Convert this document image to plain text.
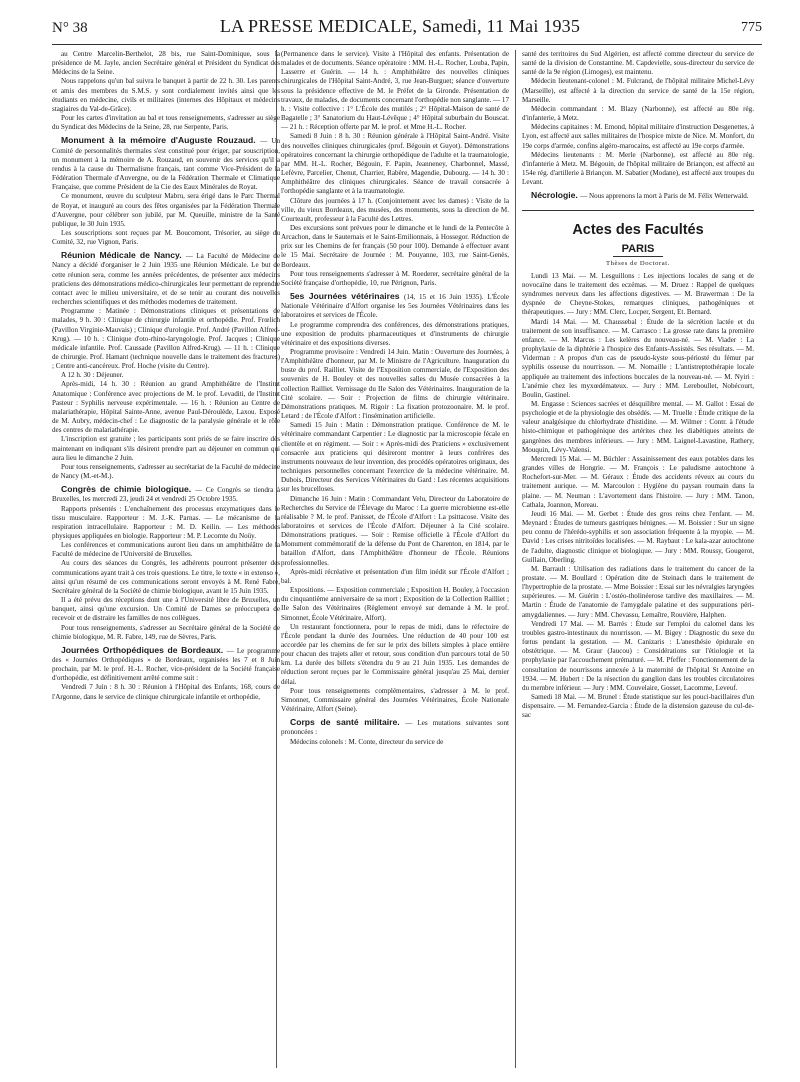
N° 38	LA PRESSE MEDICALE, Samedi, 11 Mai 1935	775

au Centre Marcelin-Berthelot, 28 bis, rue Saint-Dominique, sous la présidence de M. Jayle, ancien Secrétaire général et Président du Syndicat des Médecins de la Seine.

Nous rappelons qu'un bal suivra le banquet à partir de 22 h. 30. Les parents et amis des membres du S.M.S. y sont cordialement invités ainsi que les étudiants en médecine, civils et militaires (internes des Hôpitaux et médecins stagiaires du Val-de-Grâce).

Pour les cartes d'invitation au bal et tous renseignements, s'adresser au siège du Syndicat des Médecins de la Seine, 28, rue Serpente, Paris.

Monument à la mémoire d'Auguste Rouzaud. — Un Comité de personnalités thermales s'est constitué pour ériger, par souscription, un monument à la mémoire de A. Rouzaud, en souvenir des services qu'il a rendus à la cause du Thermalisme français, tant comme Vice-Président de la Fédération Thermale d'Auvergne, ou de la Fédération Thermale et Climatique Française, que comme Président de la Cie des Eaux Minérales de Royat.

Ce monument, œuvre du sculpteur Mabru, sera érigé dans le Parc Thermal de Royat, et inauguré au cours des fêtes organisées par la Fédération Thermale d'Auvergne, pour célébrer son jubilé, par M. Queuille, ministre de la Santé publique, le 30 Juin 1935.

Les souscriptions sont reçues par M. Boucomont, Trésorier, au siège du Comité, 32, rue Vignon, Paris.

Réunion Médicale de Nancy. — La Faculté de Médecine de Nancy a décidé d'organiser le 2 Juin 1935 une Réunion Médicale. Le but de cette réunion sera, comme les années précédentes, de présenter aux médecins praticiens des démonstrations médico-chirurgicales leur permettant de reprendre contact avec le milieu universitaire, et de se tenir au courant des nouvelles recherches scientifiques et des méthodes modernes de traitement.

Programme : Matinée : Démonstrations cliniques et présentations de malades, 9 h. 30 : Clinique de chirurgie infantile et orthopédie. Prof. Frœlich (Pavillon Virginie-Mauvais) ; Clinique d'urologie. Prof. André (Pavillon Alfred-Krug). — 10 h. : Clinique d'oto-rhino-laryngologie. Prof. Jacques ; Clinique médicale infantile. Prof. Caussade (Pavillon Alfred-Krug). — 11 h. : Clinique de chirurgie. Prof. Hamant (technique nouvelle dans le traitement des fractures) ; Centre anti-cancéreux. Prof. Hoche (visite du Centre).

A 12 h. 30 : Déjeuner.

Après-midi, 14 h. 30 : Réunion au grand Amphithéâtre de l'Institut Anatomique : Conférence avec projections de M. le prof. Levaditi, de l'Institut Pasteur : Syphilis nerveuse expérimentale. — 16 h. : Réunion au Centre de malariathérapie, Hôpital Sainte-Anne, avenue Paul-Déroulède, Laxou. Exposé de M. Aubry, médecin-chef : Le diagnostic de la paralysie générale et le rôle des centres de malariathérapie.

L'inscription est gratuite ; les participants sont priés de se faire inscrire dès maintenant en indiquant s'ils désirent prendre part au déjeuner en commun qui aura lieu le dimanche 2 Juin.

Pour tous renseignements, s'adresser au secrétariat de la Faculté de médecine de Nancy (M.-et-M.).

Congrès de chimie biologique. — Ce Congrès se tiendra à Bruxelles, les mercredi 23, jeudi 24 et vendredi 25 Octobre 1935.

Rapports présentés : L'enchaînement des processus enzymatiques dans le tissu musculaire. Rapporteur : M. J.-K. Parnas. — Le mécanisme de la respiration intracellulaire. Rapporteur : M. D. Keilin. — Les méthodes physiques appliquées en biologie. Rapporteur : M. P. Lecomte du Noüy.

Les conférences et communications auront lieu dans un amphithéâtre de la Faculté de médecine de l'Université de Bruxelles.

Au cours des séances du Congrès, les adhérents pourront présenter des communications ayant trait à ces trois questions. Le titre, le texte « in extenso », ainsi qu'un résumé de ces communications seront envoyés à M. René Fabre, Secrétaire général de la Société de chimie biologique, avant le 15 Juin 1935.

Il a été prévu des réceptions dont une à l'Université libre de Bruxelles, un banquet, ainsi qu'une excursion. Un Comité de Dames se préoccupera de recevoir et de distraire les familles de nos collègues.

Pour tous renseignements, s'adresser au Secrétaire général de la Société de chimie biologique, M. R. Fabre, 149, rue de Sèvres, Paris.

Journées Orthopédiques de Bordeaux. — Le programme des « Journées Orthopédiques » de Bordeaux, organisées les 7 et 8 Juin prochain, par M. le prof. H.-L. Rocher, vice-président de la Société française d'orthopédie, est définitivement arrêté comme suit :

Vendredi 7 Juin : 8 h. 30 : Réunion à l'Hôpital des Enfants, 168, cours de l'Argonne, dans le service de clinique chirurgicale infantile et orthopédie,

(Permanence dans le service). Visite à l'Hôpital des enfants. Présentation de malades et de documents. Séance opératoire : MM. H.-L. Rocher, Louba, Papin, Lasserre et Guérin. — 14 h. : Amphithéâtre des nouvelles cliniques chirurgicales de l'Hôpital Saint-André, 3, rue Jean-Burguet; séance d'ouverture sous la présidence effective de M. le Préfet de la Gironde. Présentation de travaux, de malades, de documents concernant l'orthopédie non sanglante. — 17 h. : Visite collective : 1° L'École des mutilés ; 2° Hôpital-Maison de santé de Bagatelle ; 3° Sanatorium du Haut-Lévêque ; 4° Hôpital suburbain du Bouscat. — 21 h. : Réception offerte par M. le prof. et Mme H.-L. Rocher.

Samedi 8 Juin : 8 h. 30 : Réunion générale à l'Hôpital Saint-André. Visite des nouvelles cliniques chirurgicales (prof. Bégouin et Guyot). Démonstrations opératoires concernant la chirurgie orthopédique de l'adulte et la traumatologie, par MM. H.-L. Rocher, Bégouin, F. Papin, Jeanneney, Charbonnel, Massé, Lefèvre, Parcelier, Chenut, Charrier, Rabère, Magendie, Dubourg. — 14 h. 30 : Amphithéâtre des cliniques chirurgicales. Séance de travail consacrée à l'orthopédie sanglante et à la traumatologie.

Clôture des journées à 17 h. (Conjointement avec les dames) : Visite de la ville, du vieux Bordeaux, des musées, des monuments, sous la direction de M. Courteault, professeur à la Faculté des Lettres.

Des excursions sont prévues pour le dimanche et le lundi de la Pentecôte à Arcachon, dans le Sauternais et le Saint-Emilionnais, à Hossegor. Réduction de prix sur les Chemins de fer français (50 pour 100). Demande à effectuer avant le 15 Mai. Secrétaire de Journée : M. Pouyanne, 103, rue Saint-Genès, Bordeaux.

Pour tous renseignements s'adresser à M. Roederer, secrétaire général de la Société française d'orthopédie, 10, rue Pérignon, Paris.

5es Journées vétérinaires (14, 15 et 16 Juin 1935). L'École Nationale Vétérinaire d'Alfort organise les 5es Journées Vétérinaires dans les laboratoires et services de l'École.

Le programme comprendra des conférences, des démonstrations pratiques, une exposition de produits pharmaceutiques et d'instruments de chirurgie vétérinaire et des expositions diverses.

Programme provisoire : Vendredi 14 Juin. Matin : Ouverture des Journées, à l'Amphithéâtre d'honneur, par M. le Ministre de l'Agriculture. Inauguration du buste du prof. Railliet. Visite de l'Exposition commerciale, de l'Exposition des souvenirs de H. Bouley et des nouvelles salles du Musée consacrées à la collection Railliet. Vernissage du IIe Salon des Vétérinaires. Inauguration de la Cité scolaire. — Soir : Projection de films de chirurgie vétérinaire. Démonstrations pratiques. M. Rigoir : La fixation protozoonaire. M. le prof. Letard : de l'École d'Alfort : l'insémination artificielle.

Samedi 15 Juin : Matin : Démonstration pratique. Conférence de M. le vétérinaire commandant Carpentier : Le diagnostic par la microscopie fécale en clientèle et en régiment. — Soir : « Après-midi des Praticiens » exclusivement consacrée aux praticiens qui désireront montrer à leurs confrères des instruments nouveaux de leur invention, des procédés opératoires originaux, des techniques personnelles concernant l'exercice de la médecine vétérinaire. M. Dubois, Directeur des Services Vétérinaires du Gard : Les récentes acquisitions sur les brucelloses.

Dimanche 16 Juin : Matin : Commandant Velu, Directeur du Laboratoire de Recherches du Service de l'Élevage du Maroc : La guerre microbienne est-elle réalisable ? M. le prof. Panisset, de l'École d'Alfort : La psittacose. Visite des laboratoires et services de l'École d'Alfort. Déjeuner à la Cité scolaire. Démonstrations pratiques. — Soir : Remise officielle à l'École d'Alfort du Monument commémoratif de la défense du Pont de Charenton, en 1814, par le bataillon d'Alfort, dans l'Amphithéâtre d'honneur de l'École. Réunions professionnelles.

Après-midi récréative et présentation d'un film inédit sur l'École d'Alfort ; bal.

Expositions. — Exposition commerciale ; Exposition H. Bouley, à l'occasion du cinquantième anniversaire de sa mort ; Exposition de la Collection Railliet ; IIe Salon des Vétérinaires (Règlement envoyé sur demande à M. le prof. Simonnet, École Vétérinaire, Alfort).

Un restaurant fonctionnera, pour le repas de midi, dans le réfectoire de l'École pendant la durée des Journées. Une réduction de 40 pour 100 est accordée par les chemins de fer sur le prix des billets simples à place entière pour chacun des trajets aller et retour, sous condition d'un parcours total de 50 km. La durée des billets s'étendra du 9 au 21 Juin 1935. Les demandes de réduction seront reçues par le Commissaire général jusqu'au 25 Mai, dernier délai.

Pour tous renseignements complémentaires, s'adresser à M. le prof. Simonnet, Commissaire général des Journées Vétérinaires, École Nationale Vétérinaire, Alfort (Seine).

Corps de santé militaire. — Les mutations suivantes sont prononcées :

Médecins colonels : M. Conte, directeur du service de

santé des territoires du Sud Algérien, est affecté comme directeur du service de santé de la division de Constantine. M. Capdevielle, sous-directeur du service de santé de la 9e région (Limoges), est maintenu.

Médecin lieutenant-colonel : M. Fulcrand, de l'hôpital militaire Michel-Lévy (Marseille), est affecté à la direction du service de santé de la 15e région, Marseille.

Médecin commandant : M. Blazy (Narbonne), est affecté au 80e rég. d'infanterie, à Metz.

Médecins capitaines : M. Emond, hôpital militaire d'instruction Desgenettes, à Lyon, est affecté aux salles militaires de l'hospice mixte de Nice. M. Monfort, du 19e corps d'armée, confins algéro-marocains, est affecté au 19e corps d'armée.

Médecins lieutenants : M. Merle (Narbonne), est affecté au 80e rég. d'infanterie à Metz. M. Bégouin, de l'hôpital militaire de Briançon, est affecté au 154e rég. d'artillerie à Briançon. M. Sabatier (Modane), est affecté aux troupes du Levant.

Nécrologie. — Nous apprenons la mort à Paris de M. Félix Wetterwald.

Actes des Facultés
PARIS
Thèses de Doctorat.

Lundi 13 Mai. — M. Lesguillons : Les injections locales de sang et de novocaïne dans le traitement des eczémas. — M. Druez : Rappel de quelques syndromes nerveux dans les affections digestives. — M. Brawerman : De la dyspnée de Cheyne-Stokes, remarques cliniques, pathogéniques et thérapeutiques. — Jury : MM. Clerc, Locper, Sergent, Et. Bernard.

Mardi 14 Mai. — M. Chaussebal : Étude de la sécrétion lactée et du traitement de son insuffisance. — M. Carrasco : La grosse rate dans la première enfance. — M. Marcus : Les kelères du nouveau-né. — M. Viader : La prophylaxie de la diphtérie à l'hospice des Enfants-Assistés. Ses résultats. — M. Viderman : A propos d'un cas de pseudo-kyste sous-périosté du fémur par syphilis osseuse du nourrisson. — M. Nomaille : L'antistreptothérapie locale appliquée au traitement des infections buccales de la nouveau-né. — M. Nyiri : L'anémie chez les myxœdémateux. — Jury : MM. Lereboullet, Nobécourt, Boulin, Gastinel.

M. Engasse : Sciences sacrées et désquilibre mental. — M. Gallot : Essai de psychologie et de la physiologie des obsédés. — M. Truelle : Étude critique de la valeur analgésique du chlorhydrate d'histidine. — M. Wilmer : Contr. à l'étude histo-chimique et pathogénique des artérites chez les diabétiques atteints de gangrènes des membres inférieurs. — Jury : MM. Laignel-Lavastine, Rathery, Mouquin, Lévy-Valensi.

Mercredi 15 Mai. — M. Büchler : Assainissement des eaux potables dans les grandes villes de Hongrie. — M. François : Le paludisme autochtone à Rochefort-sur-Mer. — M. Géraux : Étude des accidents réveux au cours du traitement aurique. — M. Marcoulon : Hygiène du paysan roumain dans la plaine. — M. Neuman : L'avortement dans l'histoire. — Jury : MM. Tanon, Cathala, Joannon, Moreau.

Jeudi 16 Mai. — M. Gerbet : Étude des gros reins chez l'enfant. — M. Meynard : Études de tumeurs gastriques bénignes. — M. Boissier : Sur un signe peu connu de l'hérédo-syphilis et son association fréquente à la myopie. — M. David : Les crises nitritoïdes localisées. — M. Raybaut : Le kala-azar autochtone de l'adulte, diagnostic clinique et biologique. — Jury : MM. Roussy, Gougerot, Guillain, Oberling.

M. Barrault : Utilisation des radiations dans le traitement du cancer de la prostate. — M. Boullard : Opération dite de Steinach dans le traitement de l'hypertrophie de la prostate. — Mme Boissier : Essai sur les névralgies laryngées supérieures. — M. Guérin : L'ostéo-tholinéerose tardive des maxillaires. — M. Martin : Étude de l'anatomie de l'amygdale palatine et des suppurations péri-amygdaliennes. — Jury : MM. Chevassu, Lemaître, Rouvière, Halphen.

Vendredi 17 Mai. — M. Barrès : Étude sur l'emploi du calomel dans les troubles gastro-intestinaux du nourrisson. — M. Bigey : Diagnostic du sexe du fœtus pendant la gestation. — M. Canizaris : L'anesthésie épidurale en obstétrique. — M. Graur (Jaucou) : Considérations sur l'étiologie et la prophylaxie par l'accouchement prématuré. — M. Pfeffer : Fonctionnement de la consultation de nourrissons annexée à la maternité de l'hôpital St Antoine en 1934. — M. Hubert : De la résection du ganglion dans les troubles circulatoires du membre inférieur. — Jury : MM. Couvelaire, Gosset, Lacomme, Leveuf.

Samedi 18 Mai. — M. Brunel : Étude statistique sur les pouci-bacillaires d'un dispensaire. — M. Fernandez-Garcia : Étude de la distension gazeuse du cul-de-sac
